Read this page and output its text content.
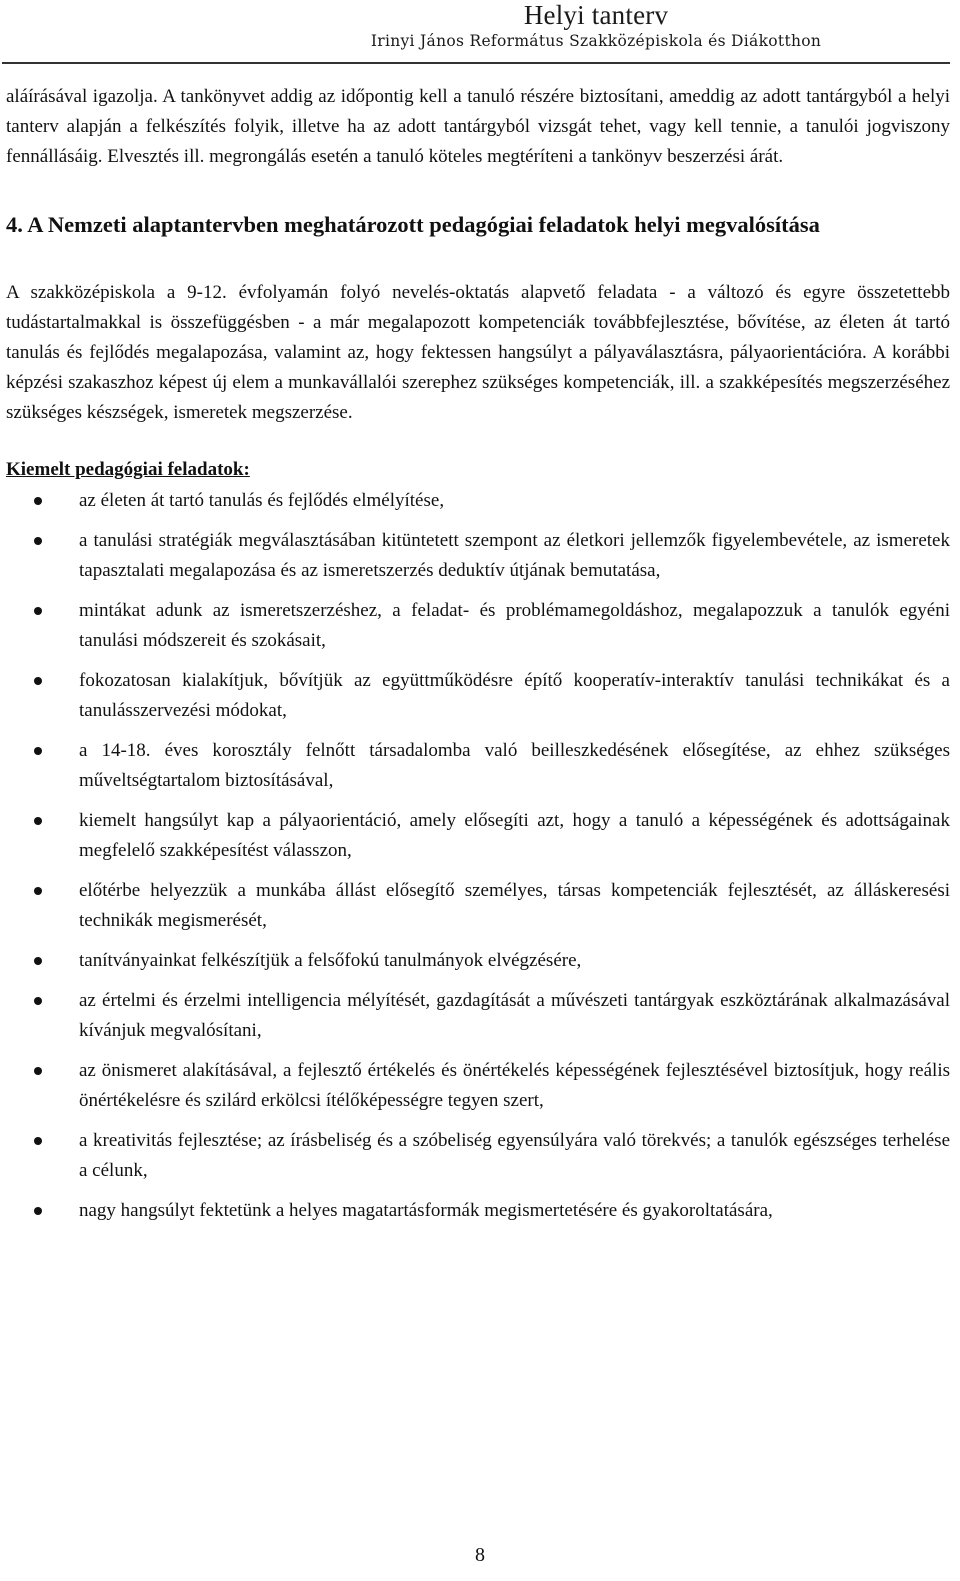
Helyi tanterv
Irinyi János Református Szakközépiskola és Diákotthon

aláírásával igazolja. A tankönyvet addig az időpontig kell a tanuló részére biztosítani, ameddig az adott tantárgyból a helyi tanterv alapján a felkészítés folyik, illetve ha az adott tantárgyból vizsgát tehet, vagy kell tennie, a tanulói jogviszony fennállásáig. Elvesztés ill. megrongálás esetén a tanuló köteles megtéríteni a tankönyv beszerzési árát.

4. A Nemzeti alaptantervben meghatározott pedagógiai feladatok helyi megvalósítása

A szakközépiskola a 9-12. évfolyamán folyó nevelés-oktatás alapvető feladata - a változó és egyre összetettebb tudástartalmakkal is összefüggésben - a már megalapozott kompetenciák továbbfejlesztése, bővítése, az életen át tartó tanulás és fejlődés megalapozása, valamint az, hogy fektessen hangsúlyt a pályaválasztásra, pályaorientációra. A korábbi képzési szakaszhoz képest új elem a munkavállalói szerephez szükséges kompetenciák, ill. a szakképesítés megszerzéséhez szükséges készségek, ismeretek megszerzése.

Kiemelt pedagógiai feladatok:
az életen át tartó tanulás és fejlődés elmélyítése,
a tanulási stratégiák megválasztásában kitüntetett szempont az életkori jellemzők figyelembevétele, az ismeretek tapasztalati megalapozása és az ismeretszerzés deduktív útjának bemutatása,
mintákat adunk az ismeretszerzéshez, a feladat- és problémamegoldáshoz, megalapozzuk a tanulók egyéni tanulási módszereit és szokásait,
fokozatosan kialakítjuk, bővítjük az együttműködésre építő kooperatív-interaktív tanulási technikákat és a tanulásszervezési módokat,
a 14-18. éves korosztály felnőtt társadalomba való beilleszkedésének elősegítése, az ehhez szükséges műveltségtartalom biztosításával,
kiemelt hangsúlyt kap a pályaorientáció, amely elősegíti azt, hogy a tanuló a képességének és adottságainak megfelelő szakképesítést válasszon,
előtérbe helyezzük a munkába állást elősegítő személyes, társas kompetenciák fejlesztését, az álláskeresési technikák megismerését,
tanítványainkat felkészítjük a felsőfokú tanulmányok elvégzésére,
az értelmi és érzelmi intelligencia mélyítését, gazdagítását a művészeti tantárgyak eszköztárának alkalmazásával kívánjuk megvalósítani,
az önismeret alakításával, a fejlesztő értékelés és önértékelés képességének fejlesztésével biztosítjuk, hogy reális önértékelésre és szilárd erkölcsi ítélőképességre tegyen szert,
a kreativitás fejlesztése; az írásbeliség és a szóbeliség egyensúlyára való törekvés; a tanulók egészséges terhelése a célunk,
nagy hangsúlyt fektetünk a helyes magatartásformák megismertetésére és gyakoroltatására,
8
